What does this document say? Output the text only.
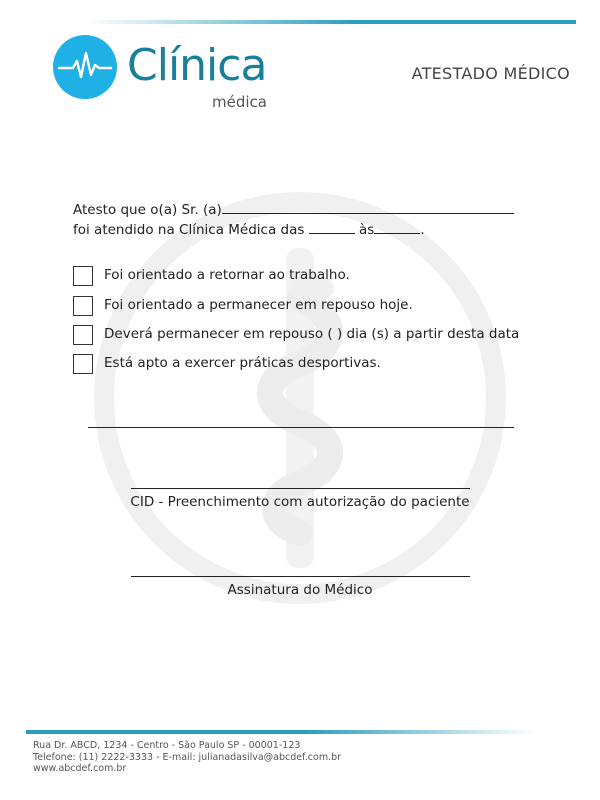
Clínica
médica
ATESTADO MÉDICO
Atesto que o(a) Sr. (a)
foi atendido na Clínica Médica das	às	.
Foi orientado a retornar ao trabalho.
Foi orientado a permanecer em repouso hoje.
Deverá permanecer em repouso ( ) dia (s) a partir desta data
Está apto a exercer práticas desportivas.
CID - Preenchimento com autorização do paciente
Assinatura do Médico
Rua Dr. ABCD, 1234 - Centro - São Paulo SP - 00001-123
Telefone: (11) 2222-3333 - E-mail: julianadasilva@abcdef.com.br
www.abcdef.com.br
